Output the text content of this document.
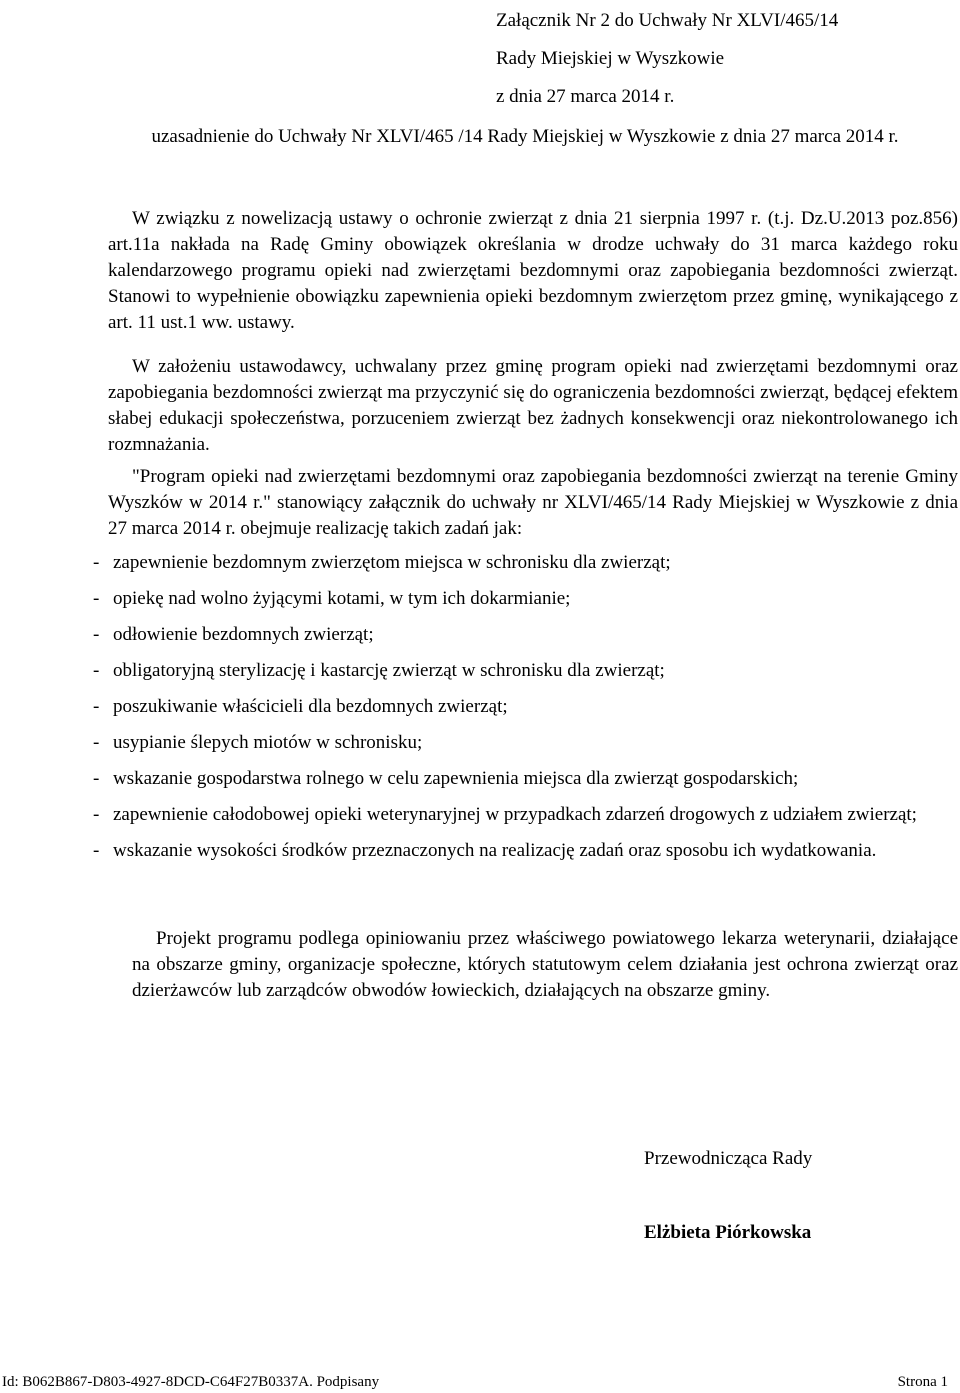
Załącznik Nr 2 do Uchwały Nr XLVI/465/14
Rady Miejskiej w Wyszkowie
z dnia 27 marca 2014 r.
uzasadnienie do Uchwały Nr XLVI/465 /14 Rady Miejskiej w Wyszkowie z dnia 27 marca 2014 r.

W związku z nowelizacją ustawy o ochronie zwierząt z dnia 21 sierpnia 1997 r. (t.j. Dz.U.2013 poz.856) art.11a nakłada na Radę Gminy obowiązek określania w drodze uchwały do 31 marca każdego roku kalendarzowego programu opieki nad zwierzętami bezdomnymi oraz zapobiegania bezdomności zwierząt. Stanowi to wypełnienie obowiązku zapewnienia opieki bezdomnym zwierzętom przez gminę, wynikającego z art. 11 ust.1 ww. ustawy.

W założeniu ustawodawcy, uchwalany przez gminę program opieki nad zwierzętami bezdomnymi oraz zapobiegania bezdomności zwierząt ma przyczynić się do ograniczenia bezdomności zwierząt, będącej efektem słabej edukacji społeczeństwa, porzuceniem zwierząt bez żadnych konsekwencji oraz niekontrolowanego ich rozmnażania.

"Program opieki nad zwierzętami bezdomnymi oraz zapobiegania bezdomności zwierząt na terenie Gminy Wyszków w 2014 r." stanowiący załącznik do uchwały nr XLVI/465/14 Rady Miejskiej w Wyszkowie z dnia 27 marca 2014 r. obejmuje realizację takich zadań jak:

- zapewnienie bezdomnym zwierzętom miejsca w schronisku dla zwierząt;
- opiekę nad wolno żyjącymi kotami, w tym ich dokarmianie;
- odłowienie bezdomnych zwierząt;
- obligatoryjną sterylizację i kastarcję zwierząt w schronisku dla zwierząt;
- poszukiwanie właścicieli dla bezdomnych zwierząt;
- usypianie ślepych miotów w schronisku;
- wskazanie gospodarstwa rolnego w celu zapewnienia miejsca dla zwierząt gospodarskich;
- zapewnienie całodobowej opieki weterynaryjnej w przypadkach zdarzeń drogowych z udziałem zwierząt;
- wskazanie wysokości środków przeznaczonych na realizację zadań oraz sposobu ich wydatkowania.

Projekt programu podlega opiniowaniu przez właściwego powiatowego lekarza weterynarii, działające na obszarze gminy, organizacje społeczne, których statutowym celem działania jest ochrona zwierząt oraz dzierżawców lub zarządców obwodów łowieckich, działających na obszarze gminy.

Przewodnicząca Rady
Elżbieta Piórkowska
Id: B062B867-D803-4927-8DCD-C64F27B0337A. Podpisany	Strona 1
